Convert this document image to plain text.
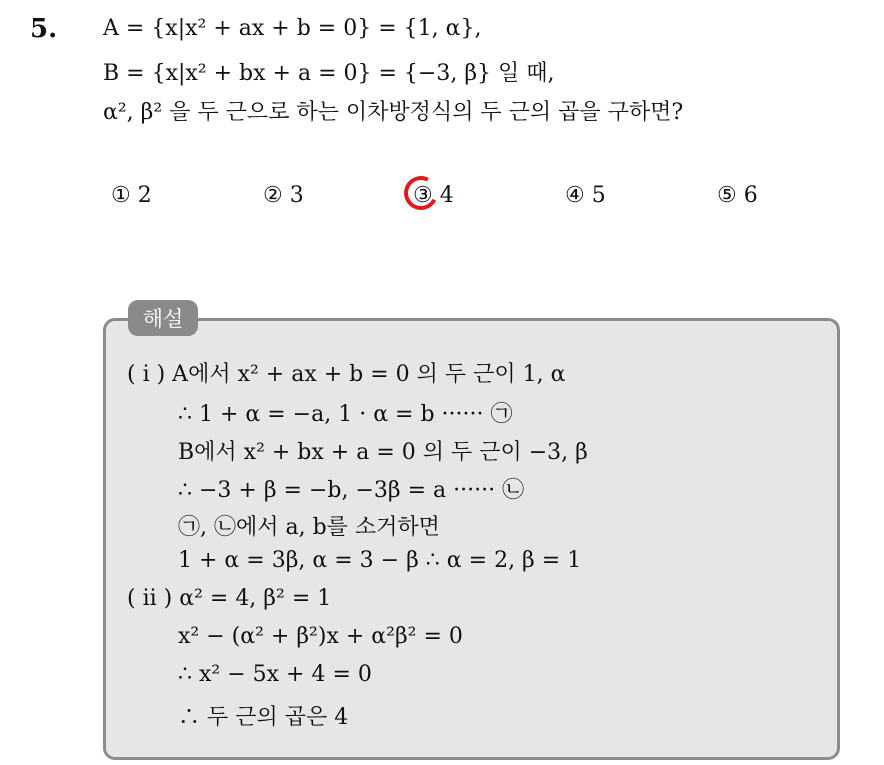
5. A = {x|x² + ax + b = 0} = {1, α},
B = {x|x² + bx + a = 0} = {−3, β} 일 때,
α², β² 을 두 근으로 하는 이차방정식의 두 근의 곱을 구하면?
① 2	② 3	③ 4	④ 5	⑤ 6
해설
( i ) A에서 x² + ax + b = 0 의 두 근이 1, α
∴ 1 + α = −a, 1 · α = b ······ ㉠
B에서 x² + bx + a = 0 의 두 근이 −3, β
∴ −3 + β = −b, −3β = a ······ ㉡
㉠, ㉡에서 a, b를 소거하면
1 + α = 3β, α = 3 − β ∴ α = 2, β = 1
( ii ) α² = 4, β² = 1
x² − (α² + β²)x + α²β² = 0
∴ x² − 5x + 4 = 0
∴ 두 근의 곱은 4
